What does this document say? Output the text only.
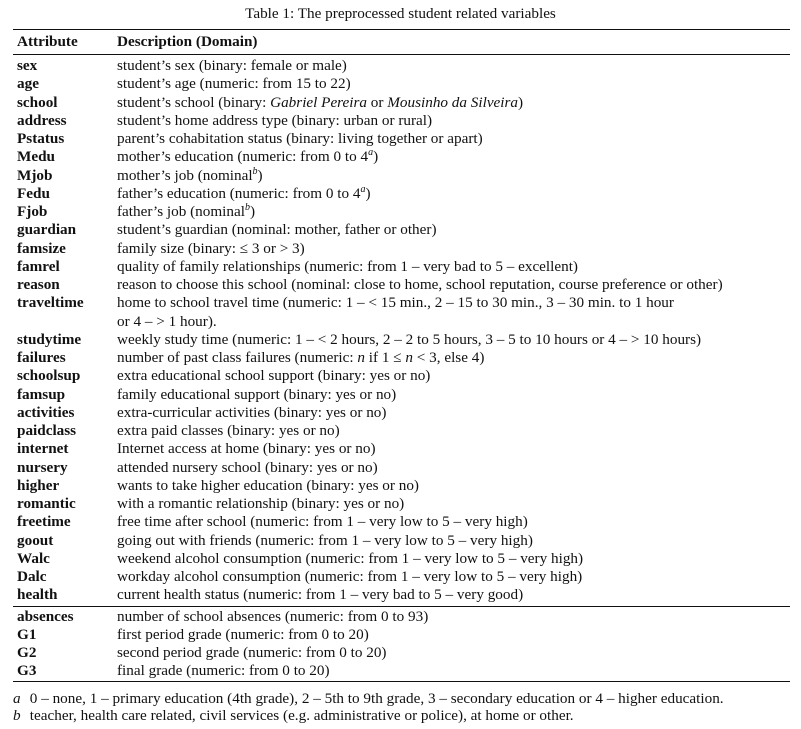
Table 1: The preprocessed student related variables
Attribute	Description (Domain)
sex	student’s sex (binary: female or male)
age	student’s age (numeric: from 15 to 22)
school	student’s school (binary: Gabriel Pereira or Mousinho da Silveira)
address	student’s home address type (binary: urban or rural)
Pstatus	parent’s cohabitation status (binary: living together or apart)
Medu	mother’s education (numeric: from 0 to 4$^a$)
Mjob	mother’s job (nominal$^b$)
Fedu	father’s education (numeric: from 0 to 4$^a$)
Fjob	father’s job (nominal$^b$)
guardian	student’s guardian (nominal: mother, father or other)
famsize	family size (binary: ≤ 3 or > 3)
famrel	quality of family relationships (numeric: from 1 – very bad to 5 – excellent)
reason	reason to choose this school (nominal: close to home, school reputation, course preference or other)
traveltime	home to school travel time (numeric: 1 – < 15 min., 2 – 15 to 30 min., 3 – 30 min. to 1 hour
or 4 – > 1 hour).
studytime	weekly study time (numeric: 1 – < 2 hours, 2 – 2 to 5 hours, 3 – 5 to 10 hours or 4 – > 10 hours)
failures	number of past class failures (numeric: n if 1 ≤ n < 3, else 4)
schoolsup	extra educational school support (binary: yes or no)
famsup	family educational support (binary: yes or no)
activities	extra-curricular activities (binary: yes or no)
paidclass	extra paid classes (binary: yes or no)
internet	Internet access at home (binary: yes or no)
nursery	attended nursery school (binary: yes or no)
higher	wants to take higher education (binary: yes or no)
romantic	with a romantic relationship (binary: yes or no)
freetime	free time after school (numeric: from 1 – very low to 5 – very high)
goout	going out with friends (numeric: from 1 – very low to 5 – very high)
Walc	weekend alcohol consumption (numeric: from 1 – very low to 5 – very high)
Dalc	workday alcohol consumption (numeric: from 1 – very low to 5 – very high)
health	current health status (numeric: from 1 – very bad to 5 – very good)
absences	number of school absences (numeric: from 0 to 93)
G1	first period grade (numeric: from 0 to 20)
G2	second period grade (numeric: from 0 to 20)
G3	final grade (numeric: from 0 to 20)
a 0 – none, 1 – primary education (4th grade), 2 – 5th to 9th grade, 3 – secondary education or 4 – higher education.
b teacher, health care related, civil services (e.g. administrative or police), at home or other.
